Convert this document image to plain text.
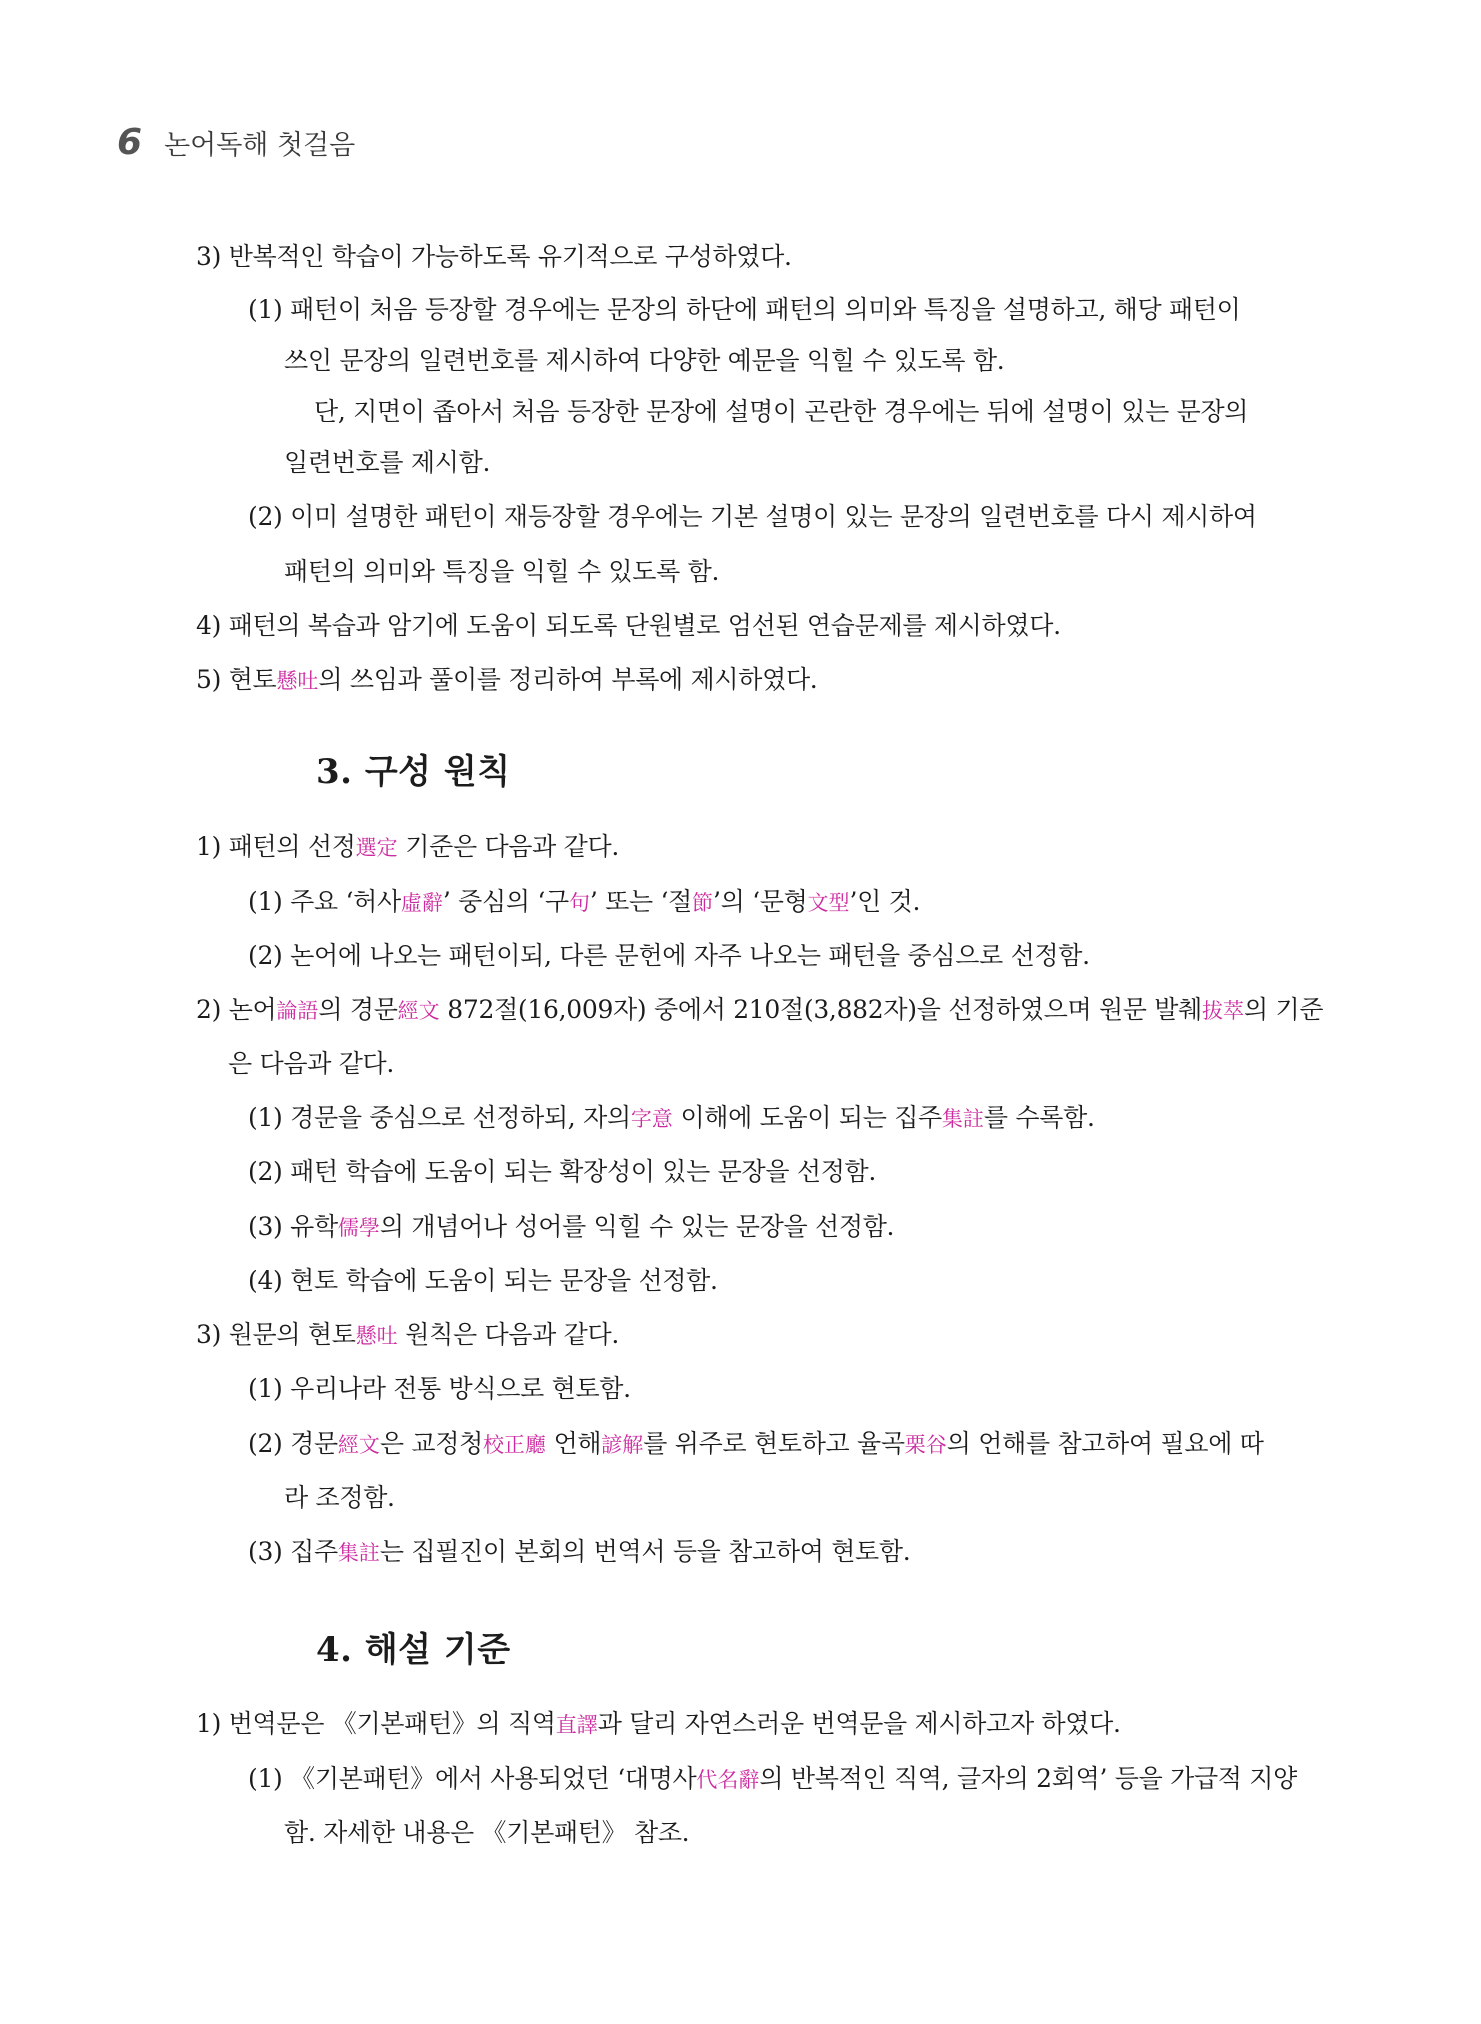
6 논어독해 첫걸음
3) 반복적인 학습이 가능하도록 유기적으로 구성하였다.
(1) 패턴이 처음 등장할 경우에는 문장의 하단에 패턴의 의미와 특징을 설명하고, 해당 패턴이
쓰인 문장의 일련번호를 제시하여 다양한 예문을 익힐 수 있도록 함.
단, 지면이 좁아서 처음 등장한 문장에 설명이 곤란한 경우에는 뒤에 설명이 있는 문장의
일련번호를 제시함.
(2) 이미 설명한 패턴이 재등장할 경우에는 기본 설명이 있는 문장의 일련번호를 다시 제시하여
패턴의 의미와 특징을 익힐 수 있도록 함.
4) 패턴의 복습과 암기에 도움이 되도록 단원별로 엄선된 연습문제를 제시하였다.
5) 현토懸吐의 쓰임과 풀이를 정리하여 부록에 제시하였다.
3. 구성 원칙
1) 패턴의 선정選定 기준은 다음과 같다.
(1) 주요 ‘허사虛辭’ 중심의 ‘구句’ 또는 ‘절節’의 ‘문형文型’인 것.
(2) 논어에 나오는 패턴이되, 다른 문헌에 자주 나오는 패턴을 중심으로 선정함.
2) 논어論語의 경문經文 872절(16,009자) 중에서 210절(3,882자)을 선정하였으며 원문 발췌拔萃의 기준
은 다음과 같다.
(1) 경문을 중심으로 선정하되, 자의字意 이해에 도움이 되는 집주集註를 수록함.
(2) 패턴 학습에 도움이 되는 확장성이 있는 문장을 선정함.
(3) 유학儒學의 개념어나 성어를 익힐 수 있는 문장을 선정함.
(4) 현토 학습에 도움이 되는 문장을 선정함.
3) 원문의 현토懸吐 원칙은 다음과 같다.
(1) 우리나라 전통 방식으로 현토함.
(2) 경문經文은 교정청校正廳 언해諺解를 위주로 현토하고 율곡栗谷의 언해를 참고하여 필요에 따
라 조정함.
(3) 집주集註는 집필진이 본회의 번역서 등을 참고하여 현토함.
4. 해설 기준
1) 번역문은 《기본패턴》의 직역直譯과 달리 자연스러운 번역문을 제시하고자 하였다.
(1) 《기본패턴》에서 사용되었던 ‘대명사代名辭의 반복적인 직역, 글자의 2회역’ 등을 가급적 지양
함. 자세한 내용은 《기본패턴》 참조.
